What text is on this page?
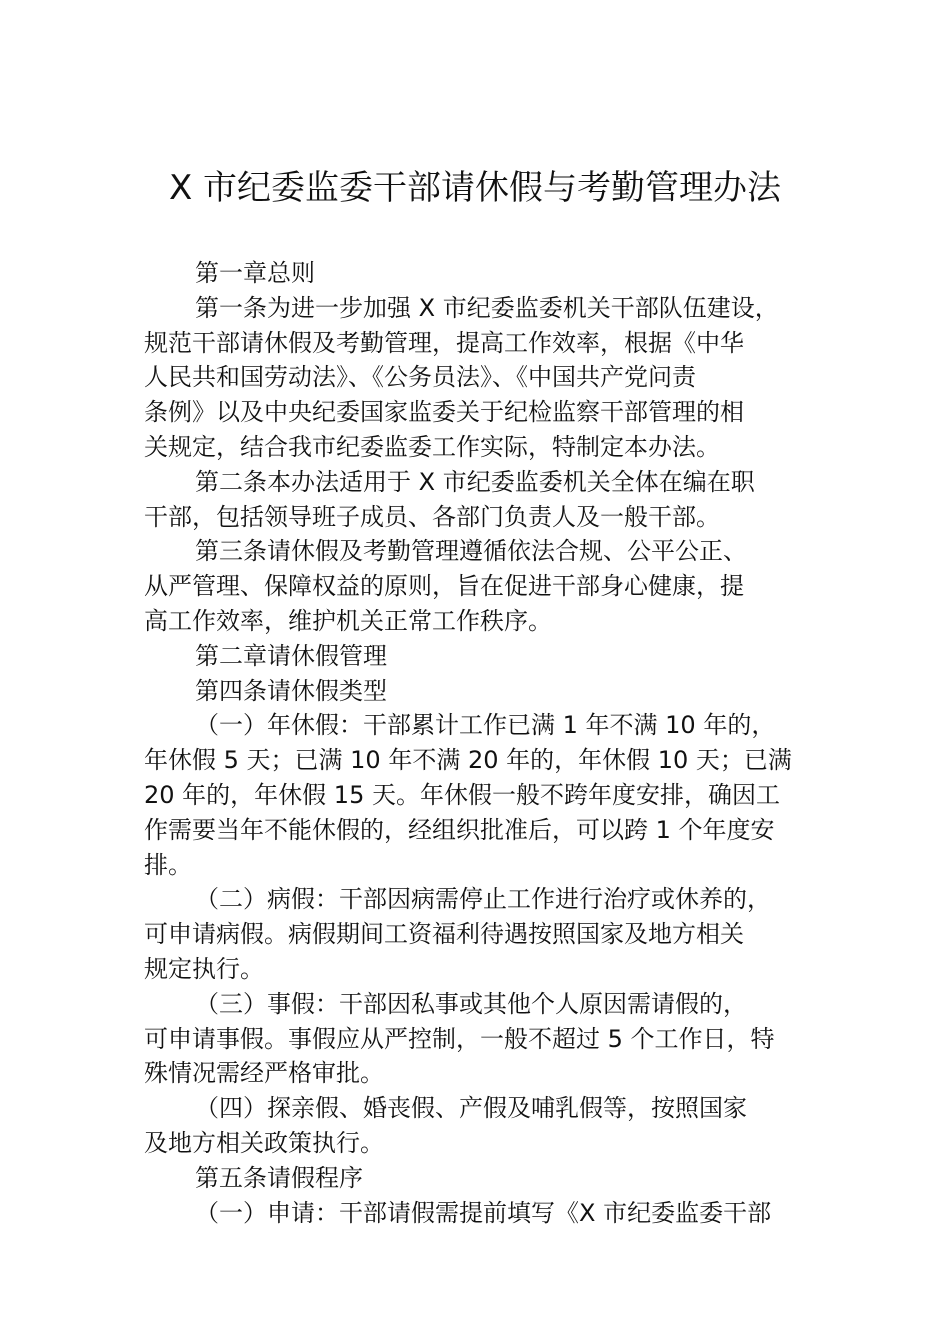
X 市纪委监委干部请休假与考勤管理办法
第一章总则
第一条为进一步加强 X 市纪委监委机关干部队伍建设，
规范干部请休假及考勤管理，提高工作效率，根据《中华
人民共和国劳动法》、《公务员法》、《中国共产党问责
条例》以及中央纪委国家监委关于纪检监察干部管理的相
关规定，结合我市纪委监委工作实际，特制定本办法。
第二条本办法适用于 X 市纪委监委机关全体在编在职
干部，包括领导班子成员、各部门负责人及一般干部。
第三条请休假及考勤管理遵循依法合规、公平公正、
从严管理、保障权益的原则，旨在促进干部身心健康，提
高工作效率，维护机关正常工作秩序。
第二章请休假管理
第四条请休假类型
（一）年休假：干部累计工作已满 1 年不满 10 年的，
年休假 5 天；已满 10 年不满 20 年的，年休假 10 天；已满
20 年的，年休假 15 天。年休假一般不跨年度安排，确因工
作需要当年不能休假的，经组织批准后，可以跨 1 个年度安
排。
（二）病假：干部因病需停止工作进行治疗或休养的，
可申请病假。病假期间工资福利待遇按照国家及地方相关
规定执行。
（三）事假：干部因私事或其他个人原因需请假的，
可申请事假。事假应从严控制，一般不超过 5 个工作日，特
殊情况需经严格审批。
（四）探亲假、婚丧假、产假及哺乳假等，按照国家
及地方相关政策执行。
第五条请假程序
（一）申请：干部请假需提前填写《X 市纪委监委干部
